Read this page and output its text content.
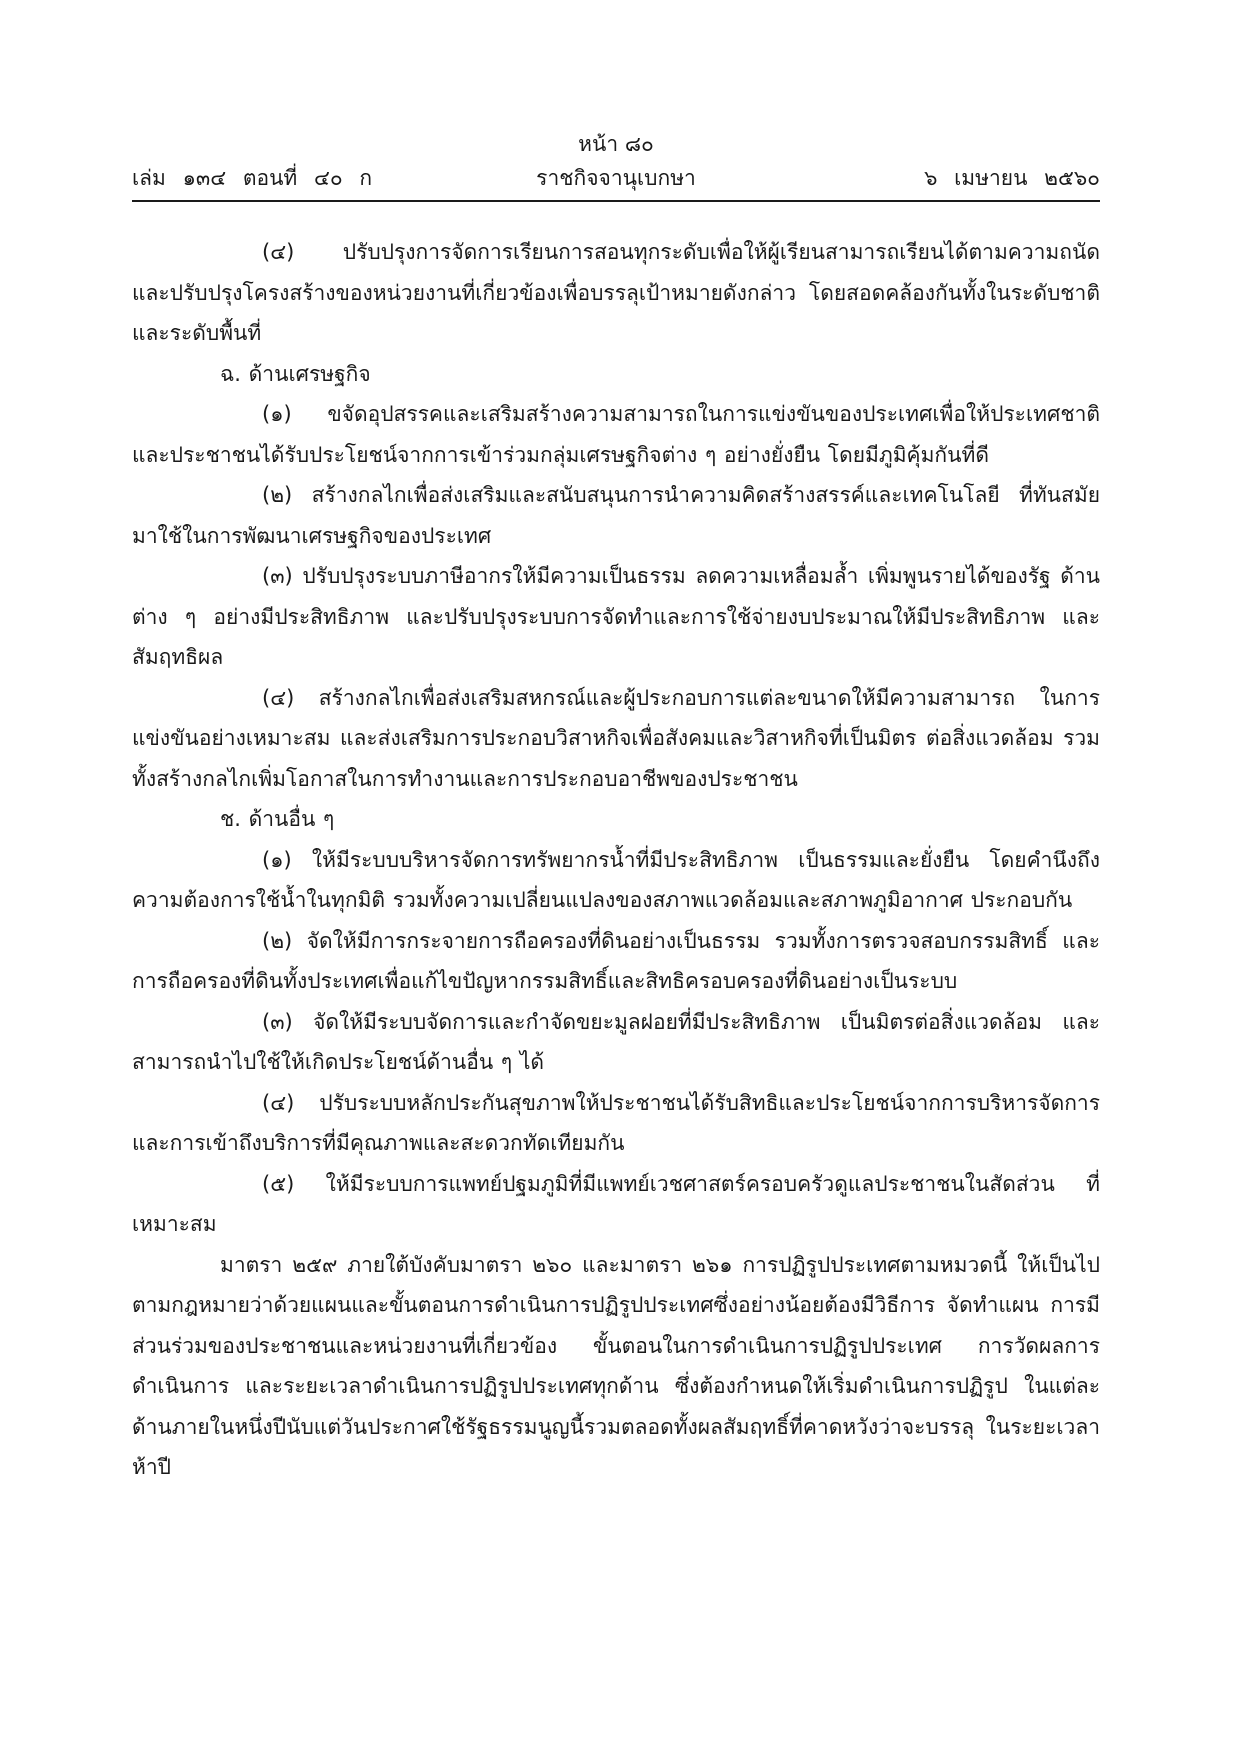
หน้า ๘๐
เล่ม ๑๓๔ ตอนที่ ๔๐ ก	ราชกิจจานุเบกษา	๖ เมษายน ๒๕๖๐

(๔) ปรับปรุงการจัดการเรียนการสอนทุกระดับเพื่อให้ผู้เรียนสามารถเรียนได้ตามความถนัด และปรับปรุงโครงสร้างของหน่วยงานที่เกี่ยวข้องเพื่อบรรลุเป้าหมายดังกล่าว โดยสอดคล้องกันทั้งในระดับชาติ และระดับพื้นที่

ฉ. ด้านเศรษฐกิจ

(๑) ขจัดอุปสรรคและเสริมสร้างความสามารถในการแข่งขันของประเทศเพื่อให้ประเทศชาติ และประชาชนได้รับประโยชน์จากการเข้าร่วมกลุ่มเศรษฐกิจต่าง ๆ อย่างยั่งยืน โดยมีภูมิคุ้มกันที่ดี

(๒) สร้างกลไกเพื่อส่งเสริมและสนับสนุนการนำความคิดสร้างสรรค์และเทคโนโลยี ที่ทันสมัยมาใช้ในการพัฒนาเศรษฐกิจของประเทศ

(๓) ปรับปรุงระบบภาษีอากรให้มีความเป็นธรรม ลดความเหลื่อมล้ำ เพิ่มพูนรายได้ของรัฐ ด้านต่าง ๆ อย่างมีประสิทธิภาพ และปรับปรุงระบบการจัดทำและการใช้จ่ายงบประมาณให้มีประสิทธิภาพ และสัมฤทธิผล

(๔) สร้างกลไกเพื่อส่งเสริมสหกรณ์และผู้ประกอบการแต่ละขนาดให้มีความสามารถ ในการแข่งขันอย่างเหมาะสม และส่งเสริมการประกอบวิสาหกิจเพื่อสังคมและวิสาหกิจที่เป็นมิตร ต่อสิ่งแวดล้อม รวมทั้งสร้างกลไกเพิ่มโอกาสในการทำงานและการประกอบอาชีพของประชาชน

ช. ด้านอื่น ๆ

(๑) ให้มีระบบบริหารจัดการทรัพยากรน้ำที่มีประสิทธิภาพ เป็นธรรมและยั่งยืน โดยคำนึงถึงความต้องการใช้น้ำในทุกมิติ รวมทั้งความเปลี่ยนแปลงของสภาพแวดล้อมและสภาพภูมิอากาศ ประกอบกัน

(๒) จัดให้มีการกระจายการถือครองที่ดินอย่างเป็นธรรม รวมทั้งการตรวจสอบกรรมสิทธิ์ และการถือครองที่ดินทั้งประเทศเพื่อแก้ไขปัญหากรรมสิทธิ์และสิทธิครอบครองที่ดินอย่างเป็นระบบ

(๓) จัดให้มีระบบจัดการและกำจัดขยะมูลฝอยที่มีประสิทธิภาพ เป็นมิตรต่อสิ่งแวดล้อม และสามารถนำไปใช้ให้เกิดประโยชน์ด้านอื่น ๆ ได้

(๔) ปรับระบบหลักประกันสุขภาพให้ประชาชนได้รับสิทธิและประโยชน์จากการบริหารจัดการ และการเข้าถึงบริการที่มีคุณภาพและสะดวกทัดเทียมกัน

(๕) ให้มีระบบการแพทย์ปฐมภูมิที่มีแพทย์เวชศาสตร์ครอบครัวดูแลประชาชนในสัดส่วน ที่เหมาะสม

มาตรา ๒๕๙ ภายใต้บังคับมาตรา ๒๖๐ และมาตรา ๒๖๑ การปฏิรูปประเทศตามหมวดนี้ ให้เป็นไปตามกฎหมายว่าด้วยแผนและขั้นตอนการดำเนินการปฏิรูปประเทศซึ่งอย่างน้อยต้องมีวิธีการ จัดทำแผน การมีส่วนร่วมของประชาชนและหน่วยงานที่เกี่ยวข้อง ขั้นตอนในการดำเนินการปฏิรูปประเทศ การวัดผลการดำเนินการ และระยะเวลาดำเนินการปฏิรูปประเทศทุกด้าน ซึ่งต้องกำหนดให้เริ่มดำเนินการปฏิรูป ในแต่ละด้านภายในหนึ่งปีนับแต่วันประกาศใช้รัฐธรรมนูญนี้รวมตลอดทั้งผลสัมฤทธิ์ที่คาดหวังว่าจะบรรลุ ในระยะเวลาห้าปี
